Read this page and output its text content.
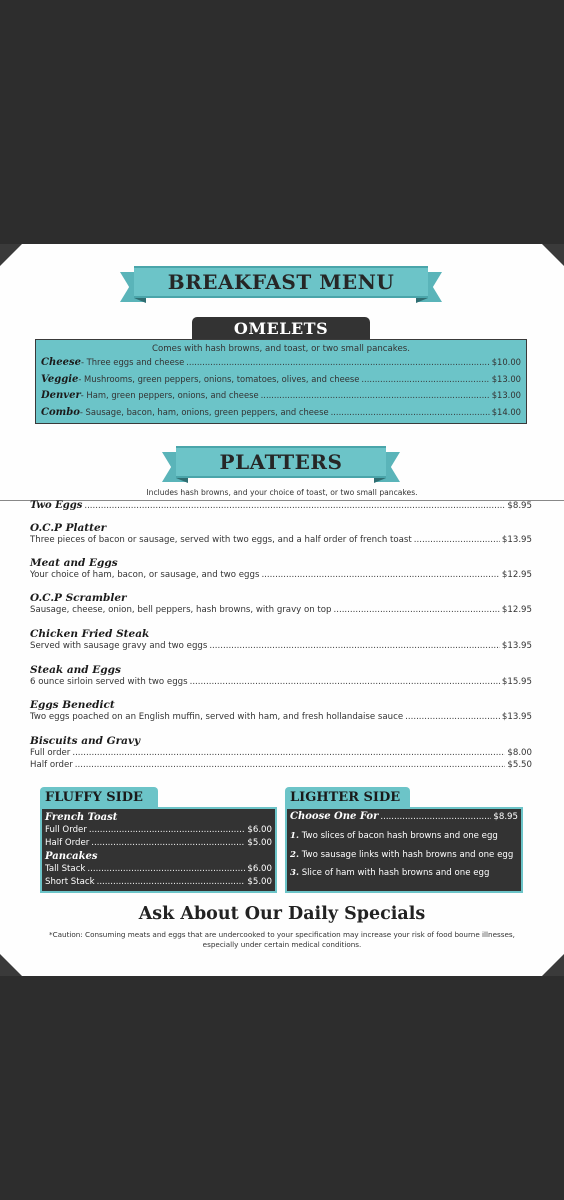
BREAKFAST MENU
OMELETS
Comes with hash browns, and toast, or two small pancakes.
Cheese - Three eggs and cheese .....	$10.00
Veggie - Mushrooms, green peppers, onions, tomatoes, olives, and cheese .....	$13.00
Denver - Ham, green peppers, onions, and cheese .....	$13.00
Combo - Sausage, bacon, ham, onions, green peppers, and cheese .....	$14.00
PLATTERS
Includes hash browns, and your choice of toast, or two small pancakes.
Two Eggs .....	$8.95
O.C.P Platter
Three pieces of bacon or sausage, served with two eggs, and a half order of french toast .....	$13.95
Meat and Eggs
Your choice of ham, bacon, or sausage, and two eggs .....	$12.95
O.C.P Scrambler
Sausage, cheese, onion, bell peppers, hash browns, with gravy on top .....	$12.95
Chicken Fried Steak
Served with sausage gravy and two eggs .....	$13.95
Steak and Eggs
6 ounce sirloin served with two eggs .....	$15.95
Eggs Benedict
Two eggs poached on an English muffin, served with ham, and fresh hollandaise sauce .....	$13.95
Biscuits and Gravy
Full order .....	$8.00
Half order .....	$5.50
FLUFFY SIDE
French Toast
Full Order .....	$6.00
Half Order .....	$5.00
Pancakes
Tall Stack .....	$6.00
Short Stack .....	$5.00
LIGHTER SIDE
Choose One For .....	$8.95
1. Two slices of bacon hash browns and one egg
2. Two sausage links with hash browns and one egg
3. Slice of ham with hash browns and one egg
Ask About Our Daily Specials
*Caution: Consuming meats and eggs that are undercooked to your specification may increase your risk of food bourne illnesses, especially under certain medical conditions.
